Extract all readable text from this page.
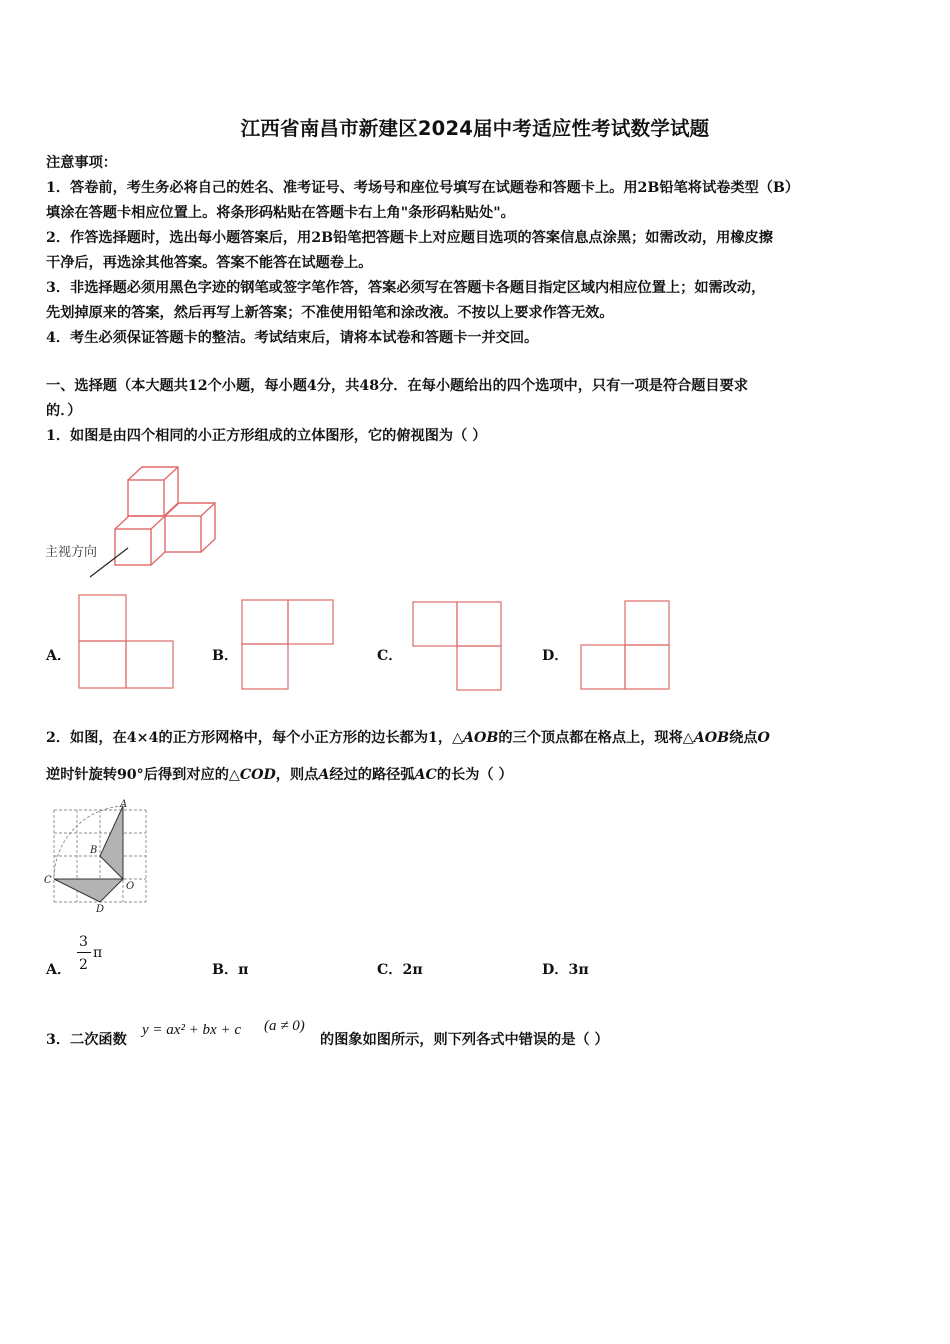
江西省南昌市新建区2024届中考适应性考试数学试题
注意事项：
1．答卷前，考生务必将自己的姓名、准考证号、考场号和座位号填写在试题卷和答题卡上。用2B铅笔将试卷类型（B）
填涂在答题卡相应位置上。将条形码粘贴在答题卡右上角"条形码粘贴处"。
2．作答选择题时，选出每小题答案后，用2B铅笔把答题卡上对应题目选项的答案信息点涂黑；如需改动，用橡皮擦
干净后，再选涂其他答案。答案不能答在试题卷上。
3．非选择题必须用黑色字迹的钢笔或签字笔作答，答案必须写在答题卡各题目指定区域内相应位置上；如需改动，
先划掉原来的答案，然后再写上新答案；不准使用铅笔和涂改液。不按以上要求作答无效。
4．考生必须保证答题卡的整洁。考试结束后，请将本试卷和答题卡一并交回。
一、选择题（本大题共12个小题，每小题4分，共48分．在每小题给出的四个选项中，只有一项是符合题目要求
的．）
1．如图是由四个相同的小正方形组成的立体图形，它的俯视图为（ ）
主视方向
A．	B．	C．	D．
2．如图，在4×4的正方形网格中，每个小正方形的边长都为1，△AOB的三个顶点都在格点上，现将△AOB绕点O
逆时针旋转90°后得到对应的△COD，则点A经过的路径弧AC的长为（ ）
A
B
C
O
D
A．
3
2
π
B．π	C．2π	D．3π
3．二次函数
y = ax² + bx + c (a ≠ 0)
的图象如图所示，则下列各式中错误的是（ ）
